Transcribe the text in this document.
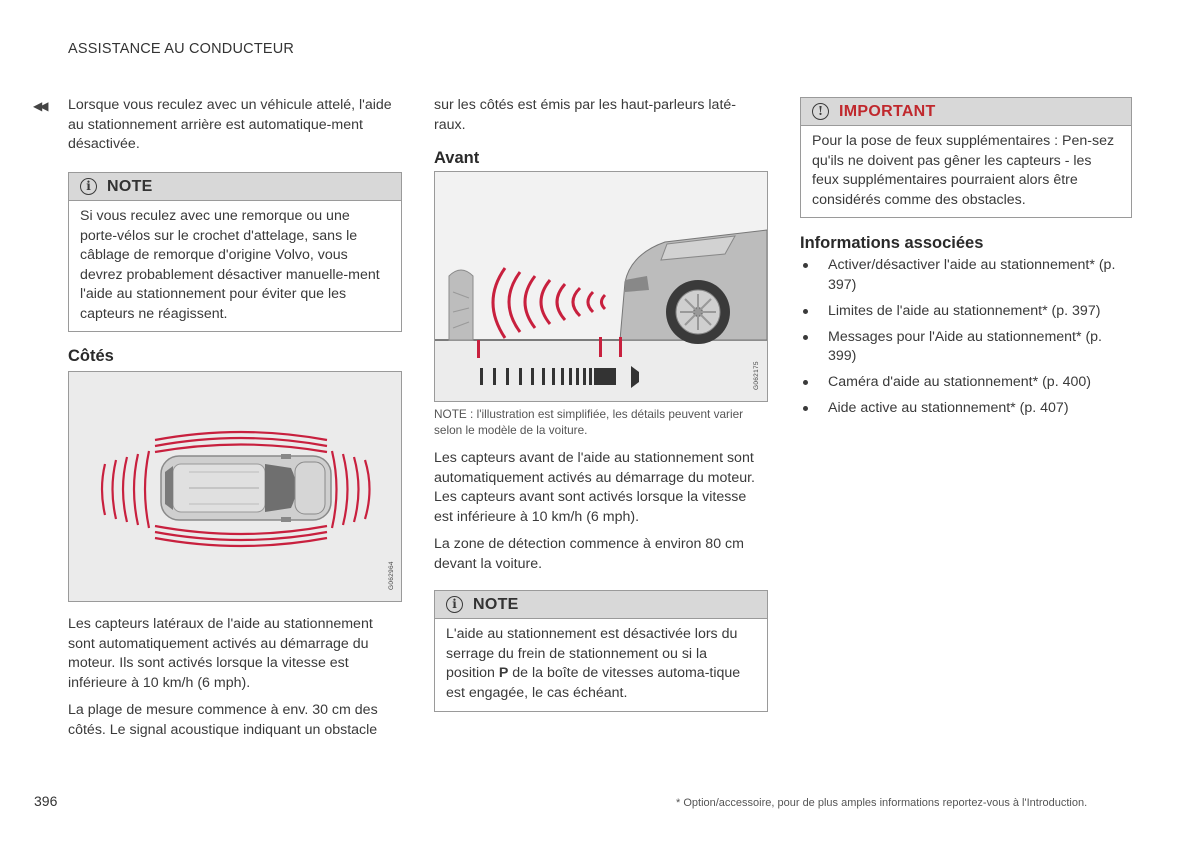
ASSISTANCE AU CONDUCTEUR
◀◀ Lorsque vous reculez avec un véhicule attelé, l'aide au stationnement arrière est automatique-ment désactivée.

i	NOTE
Si vous reculez avec une remorque ou une porte-vélos sur le crochet d'attelage, sans le câblage de remorque d'origine Volvo, vous devrez probablement désactiver manuelle-ment l'aide au stationnement pour éviter que les capteurs ne réagissent.
Côtés
G062964

Les capteurs latéraux de l'aide au stationnement sont automatiquement activés au démarrage du moteur. Ils sont activés lorsque la vitesse est inférieure à 10 km/h (6 mph).

La plage de mesure commence à env. 30 cm des côtés. Le signal acoustique indiquant un obstacle

sur les côtés est émis par les haut-parleurs laté-raux.

Avant
G062175

NOTE : l'illustration est simplifiée, les détails peuvent varier selon le modèle de la voiture.

Les capteurs avant de l'aide au stationnement sont automatiquement activés au démarrage du moteur. Les capteurs avant sont activés lorsque la vitesse est inférieure à 10 km/h (6 mph).

La zone de détection commence à environ 80 cm devant la voiture.

i	NOTE
L'aide au stationnement est désactivée lors du serrage du frein de stationnement ou si la position P de la boîte de vitesses automa-tique est engagée, le cas échéant.
! IMPORTANT
Pour la pose de feux supplémentaires : Pen-sez qu'ils ne doivent pas gêner les capteurs - les feux supplémentaires pourraient alors être considérés comme des obstacles.
Informations associées
Activer/désactiver l'aide au stationnement* (p. 397)
Limites de l'aide au stationnement* (p. 397)
Messages pour l'Aide au stationnement* (p. 399)
Caméra d'aide au stationnement* (p. 400)
Aide active au stationnement* (p. 407)
396	* Option/accessoire, pour de plus amples informations reportez-vous à l'Introduction.
